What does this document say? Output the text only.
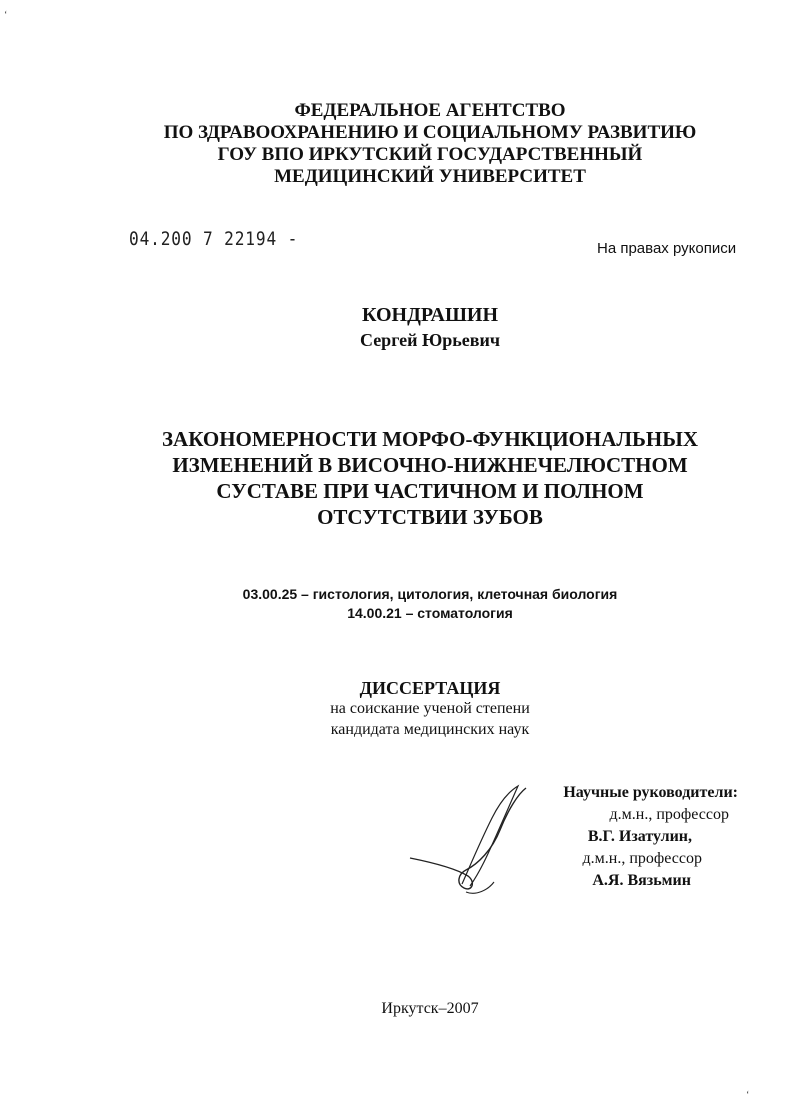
ʻ
ФЕДЕРАЛЬНОЕ АГЕНТСТВО
ПО ЗДРАВООХРАНЕНИЮ И СОЦИАЛЬНОМУ РАЗВИТИЮ
ГОУ ВПО ИРКУТСКИЙ ГОСУДАРСТВЕННЫЙ
МЕДИЦИНСКИЙ УНИВЕРСИТЕТ
04.200 7 22194 -	На правах рукописи
КОНДРАШИН
Сергей Юрьевич
ЗАКОНОМЕРНОСТИ МОРФО-ФУНКЦИОНАЛЬНЫХ
ИЗМЕНЕНИЙ В ВИСОЧНО-НИЖНЕЧЕЛЮСТНОМ
СУСТАВЕ ПРИ ЧАСТИЧНОМ И ПОЛНОМ
ОТСУТСТВИИ ЗУБОВ
03.00.25 – гистология, цитология, клеточная биология
14.00.21 – стоматология
ДИССЕРТАЦИЯ
на соискание ученой степени
кандидата медицинских наук
Научные руководители:
д.м.н., профессор
В.Г. Изатулин,
д.м.н., профессор
А.Я. Вязьмин
Иркутск–2007
ʻ
